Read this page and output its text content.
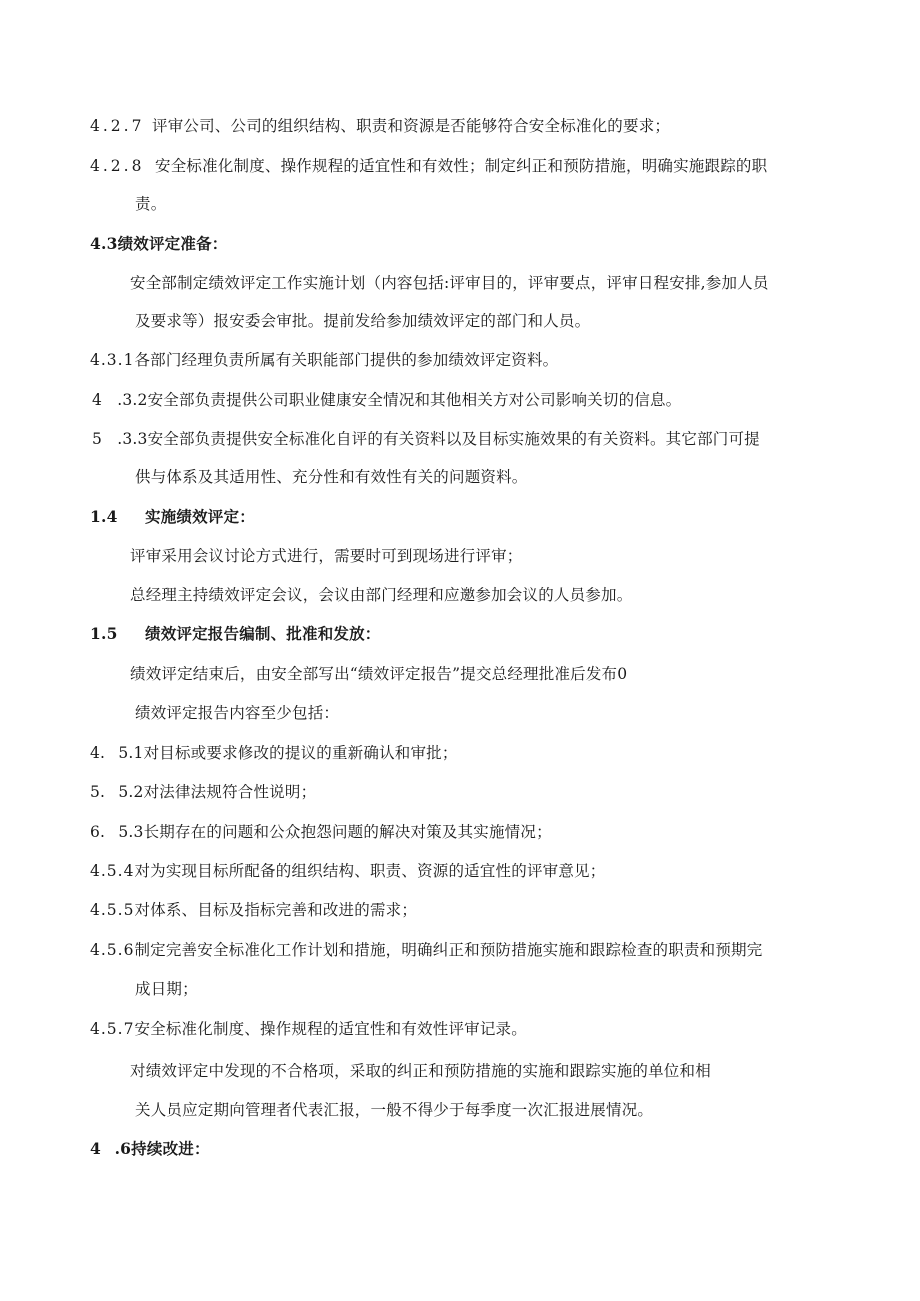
4.2.7 评审公司、公司的组织结构、职责和资源是否能够符合安全标准化的要求；
4.2.8 安全标准化制度、操作规程的适宜性和有效性；制定纠正和预防措施，明确实施跟踪的职
责。
4.3绩效评定准备：
安全部制定绩效评定工作实施计划（内容包括:评审目的，评审要点，评审日程安排,参加人员
及要求等）报安委会审批。提前发给参加绩效评定的部门和人员。
4.3.1各部门经理负责所属有关职能部门提供的参加绩效评定资料。
4 .3.2安全部负责提供公司职业健康安全情况和其他相关方对公司影响关切的信息。
5 .3.3安全部负责提供安全标准化自评的有关资料以及目标实施效果的有关资料。其它部门可提
供与体系及其适用性、充分性和有效性有关的问题资料。
1.4 实施绩效评定：
评审采用会议讨论方式进行，需要时可到现场进行评审；
总经理主持绩效评定会议，会议由部门经理和应邀参加会议的人员参加。
1.5 绩效评定报告编制、批准和发放：
绩效评定结束后，由安全部写出“绩效评定报告”提交总经理批准后发布0
绩效评定报告内容至少包括：
4. 5.1对目标或要求修改的提议的重新确认和审批；
5. 5.2对法律法规符合性说明；
6. 5.3长期存在的问题和公众抱怨问题的解决对策及其实施情况；
4.5.4对为实现目标所配备的组织结构、职责、资源的适宜性的评审意见；
4.5.5对体系、目标及指标完善和改进的需求；
4.5.6制定完善安全标准化工作计划和措施，明确纠正和预防措施实施和跟踪检查的职责和预期完
成日期；
4.5.7安全标准化制度、操作规程的适宜性和有效性评审记录。
对绩效评定中发现的不合格项，采取的纠正和预防措施的实施和跟踪实施的单位和相
关人员应定期向管理者代表汇报，一般不得少于每季度一次汇报进展情况。
4 .6持续改进：
